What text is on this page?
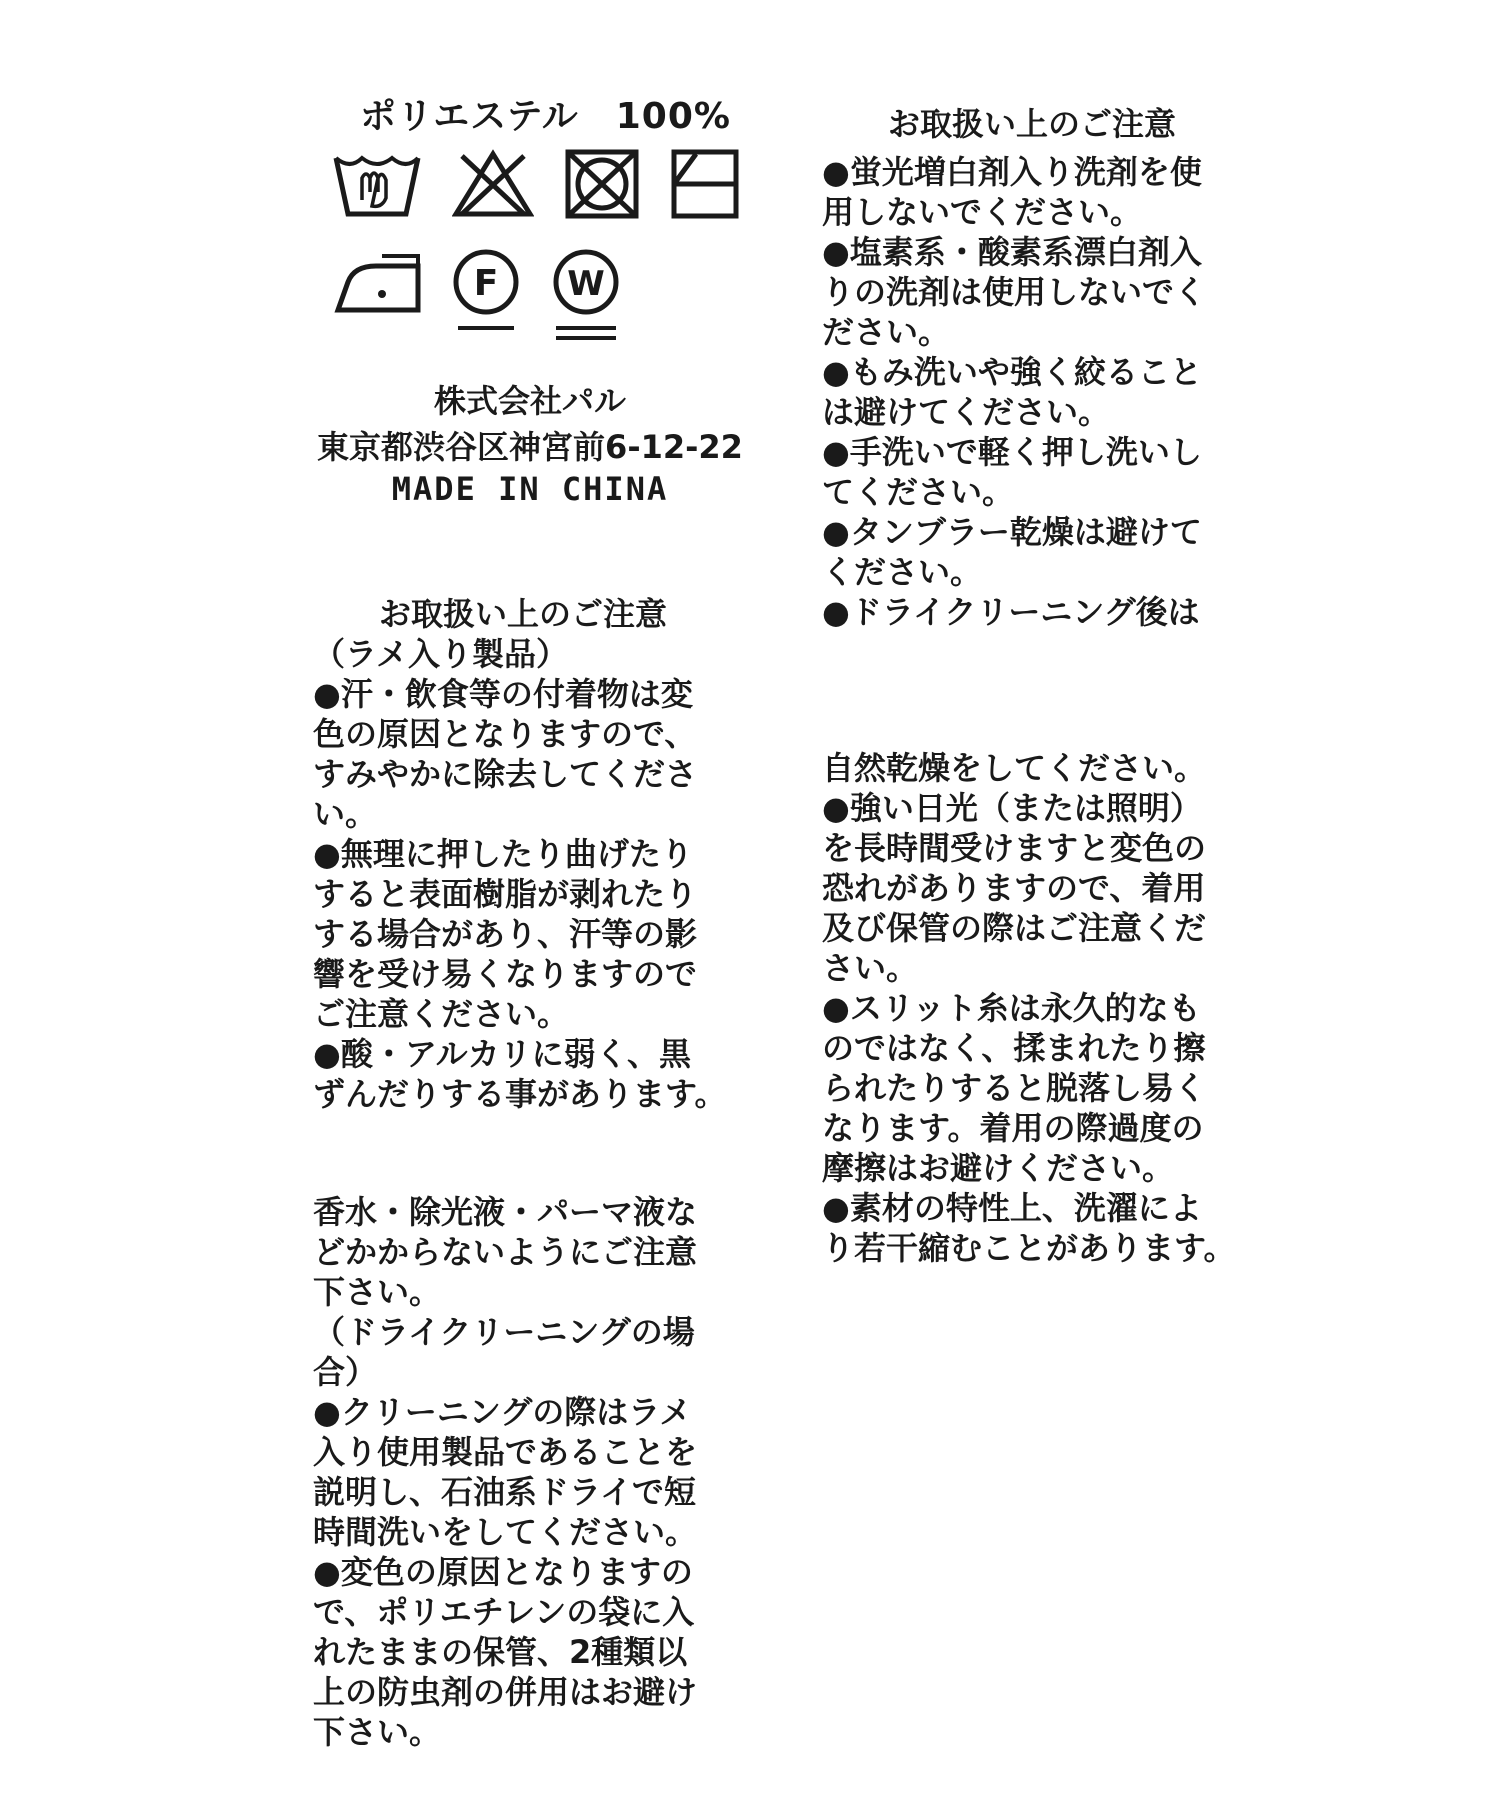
ポリエステル　100%
F W
株式会社パル
東京都渋谷区神宮前6-12-22
MADE IN CHINA
お取扱い上のご注意
（ラメ入り製品）
●汗・飲食等の付着物は変
色の原因となりますので、
すみやかに除去してくださ
い。
●無理に押したり曲げたり
すると表面樹脂が剥れたり
する場合があり、汗等の影
響を受け易くなりますので
ご注意ください。
●酸・アルカリに弱く、黒
ずんだりする事があります。
香水・除光液・パーマ液な
どかからないようにご注意
下さい。
（ドライクリーニングの場
合）
●クリーニングの際はラメ
入り使用製品であることを
説明し、石油系ドライで短
時間洗いをしてください。
●変色の原因となりますの
で、ポリエチレンの袋に入
れたままの保管、2種類以
上の防虫剤の併用はお避け
下さい。
お取扱い上のご注意
●蛍光増白剤入り洗剤を使
用しないでください。
●塩素系・酸素系漂白剤入
りの洗剤は使用しないでく
ださい。
●もみ洗いや強く絞ること
は避けてください。
●手洗いで軽く押し洗いし
てください。
●タンブラー乾燥は避けて
ください。
●ドライクリーニング後は
自然乾燥をしてください。
●強い日光（または照明）
を長時間受けますと変色の
恐れがありますので、着用
及び保管の際はご注意くだ
さい。
●スリット糸は永久的なも
のではなく、揉まれたり擦
られたりすると脱落し易く
なります。着用の際過度の
摩擦はお避けください。
●素材の特性上、洗濯によ
り若干縮むことがあります。
